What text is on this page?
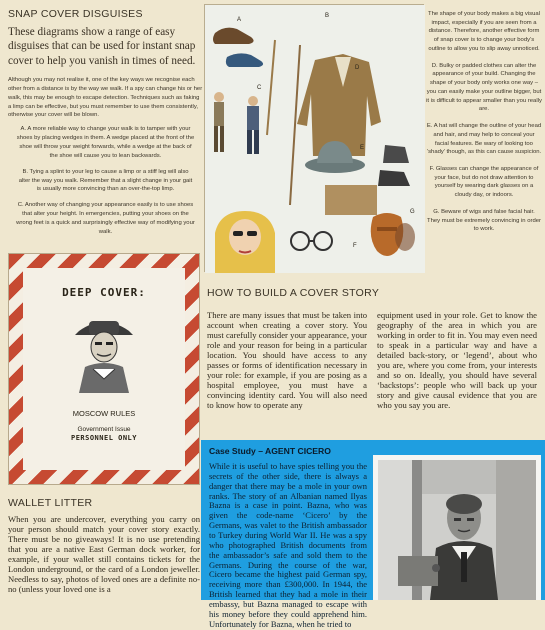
SNAP COVER DISGUISES
These diagrams show a range of easy disguises that can be used for instant snap cover to help you vanish in times of need.

Although you may not realise it, one of the key ways we recognise each other from a distance is by the way we walk. If a spy can change his or her walk, this may be enough to escape detection. Techniques such as faking a limp can be effective, but you must remember to use them consistently, otherwise your cover will be blown.

A. A more reliable way to change your walk is to tamper with your shoes by placing wedges in them. A wedge placed at the front of the shoe will throw your weight forwards, while a wedge at the back of the shoe will cause you to lean backwards.

B. Tying a splint to your leg to cause a limp or a stiff leg will also alter the way you walk. Remember that a slight change in your gait is usually more convincing than an over-the-top limp.

C. Another way of changing your appearance easily is to use shoes that alter your height. In emergencies, putting your shoes on the wrong feet is a quick and surprisingly effective way of modifying your walk.

A
B
C
D
E
F
G

The shape of your body makes a big visual impact, especially if you are seen from a distance. Therefore, another effective form of snap cover is to change your body’s outline to allow you to slip away unnoticed.

D. Bulky or padded clothes can alter the appearance of your build. Changing the shape of your body only works one way – you can easily make your outline bigger, but it is difficult to appear smaller than you really are.

E. A hat will change the outline of your head and hair, and may help to conceal your facial features. Be wary of looking too ‘shady’ though, as this can cause suspicion.

F. Glasses can change the appearance of your face, but do not draw attention to yourself by wearing dark glasses on a cloudy day, or indoors.

G. Beware of wigs and false facial hair. They must be extremely convincing in order to work.

DEEP COVER:
MOSCOW RULES
Government Issue
PERSONNEL ONLY
HOW TO BUILD A COVER STORY
There are many issues that must be taken into account when creating a cover story. You must carefully consider your appearance, your role and your reason for being in a particular location. You should have access to any passes or forms of identification necessary in your role: for example, if you are posing as a hospital employee, you must have a convincing identity card. You will also need to know how to operate any
equipment used in your role. Get to know the geography of the area in which you are working in order to fit in. You may even need to speak in a particular way and have a detailed back-story, or ‘legend’, about who you are, where you come from, your interests and so on. Ideally, you should have several ‘backstops’: people who will back up your story and give causal evidence that you are who you say you are.
WALLET LITTER
When you are undercover, everything you carry on your person should match your cover story exactly. There must be no giveaways! It is no use pretending that you are a native East German dock worker, for example, if your wallet still contains tickets for the London underground, or the card of a London jeweller. Needless to say, photos of loved ones are a definite no-no (unless your loved one is a
Case Study – AGENT CICERO
While it is useful to have spies telling you the secrets of the other side, there is always a danger that there may be a mole in your own ranks. The story of an Albanian named Ilyas Bazna is a case in point. Bazna, who was given the code-name ‘Cicero’ by the Germans, was valet to the British ambassador to Turkey during World War II. He was a spy who photographed British documents from the ambassador’s safe and sold them to the Germans. During the course of the war, Cicero became the highest paid German spy, receiving more than £300,000. In 1944, the British learned that they had a mole in their embassy, but Bazna managed to escape with his money before they could apprehend him. Unfortunately for Bazna, when he tried to
